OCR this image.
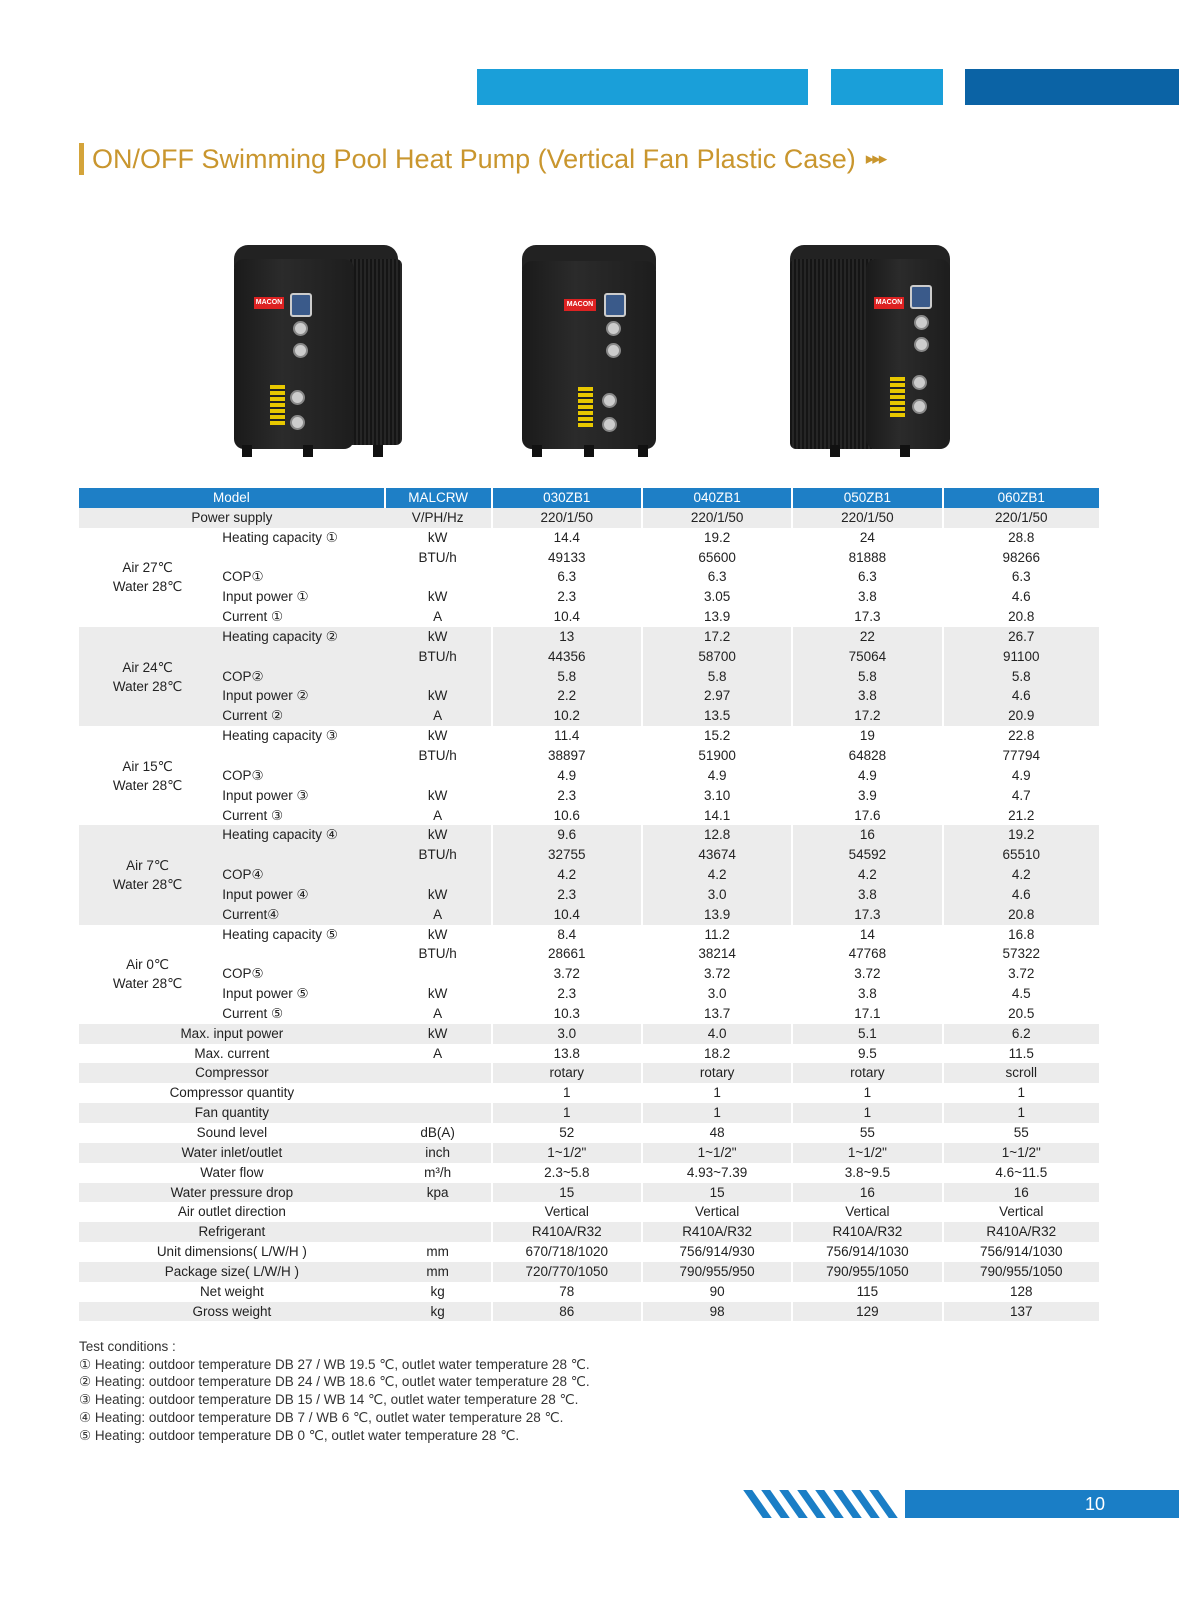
ON/OFF Swimming Pool Heat Pump (Vertical Fan Plastic Case) ▸▸▸
MACON	MACON	MACON
Model		MALCRW	030ZB1	040ZB1	050ZB1	060ZB1
Power supply		V/PH/Hz	220/1/50	220/1/50	220/1/50	220/1/50
Air 27℃
Water 28℃	Heating capacity ①	kW	14.4	19.2	24	28.8
		BTU/h	49133	65600	81888	98266
	COP①		6.3	6.3	6.3	6.3
	Input power ①	kW	2.3	3.05	3.8	4.6
	Current ①	A	10.4	13.9	17.3	20.8
Air 24℃
Water 28℃	Heating capacity ②	kW	13	17.2	22	26.7
		BTU/h	44356	58700	75064	91100
	COP②		5.8	5.8	5.8	5.8
	Input power ②	kW	2.2	2.97	3.8	4.6
	Current ②	A	10.2	13.5	17.2	20.9
Air 15℃
Water 28℃	Heating capacity ③	kW	11.4	15.2	19	22.8
		BTU/h	38897	51900	64828	77794
	COP③		4.9	4.9	4.9	4.9
	Input power ③	kW	2.3	3.10	3.9	4.7
	Current ③	A	10.6	14.1	17.6	21.2
Air 7℃
Water 28℃	Heating capacity ④	kW	9.6	12.8	16	19.2
		BTU/h	32755	43674	54592	65510
	COP④		4.2	4.2	4.2	4.2
	Input power ④	kW	2.3	3.0	3.8	4.6
	Current④	A	10.4	13.9	17.3	20.8
Air 0℃
Water 28℃	Heating capacity ⑤	kW	8.4	11.2	14	16.8
		BTU/h	28661	38214	47768	57322
	COP⑤		3.72	3.72	3.72	3.72
	Input power ⑤	kW	2.3	3.0	3.8	4.5
	Current ⑤	A	10.3	13.7	17.1	20.5
Max. input power		kW	3.0	4.0	5.1	6.2
Max. current		A	13.8	18.2	9.5	11.5
Compressor			rotary	rotary	rotary	scroll
Compressor quantity			1	1	1	1
Fan quantity			1	1	1	1
Sound level		dB(A)	52	48	55	55
Water inlet/outlet		inch	1~1/2"	1~1/2"	1~1/2"	1~1/2"
Water flow		m³/h	2.3~5.8	4.93~7.39	3.8~9.5	4.6~11.5
Water pressure drop		kpa	15	15	16	16
Air outlet direction			Vertical	Vertical	Vertical	Vertical
Refrigerant			R410A/R32	R410A/R32	R410A/R32	R410A/R32
Unit dimensions( L/W/H )		mm	670/718/1020	756/914/930	756/914/1030	756/914/1030
Package size( L/W/H )		mm	720/770/1050	790/955/950	790/955/1050	790/955/1050
Net weight		kg	78	90	115	128
Gross weight		kg	86	98	129	137
Test conditions :
① Heating: outdoor temperature DB 27 / WB 19.5 ℃, outlet water temperature 28 ℃.
② Heating: outdoor temperature DB 24 / WB 18.6 ℃, outlet water temperature 28 ℃.
③ Heating: outdoor temperature DB 15 / WB 14 ℃, outlet water temperature 28 ℃.
④ Heating: outdoor temperature DB 7 / WB 6 ℃, outlet water temperature 28 ℃.
⑤ Heating: outdoor temperature DB 0 ℃, outlet water temperature 28 ℃.
10
